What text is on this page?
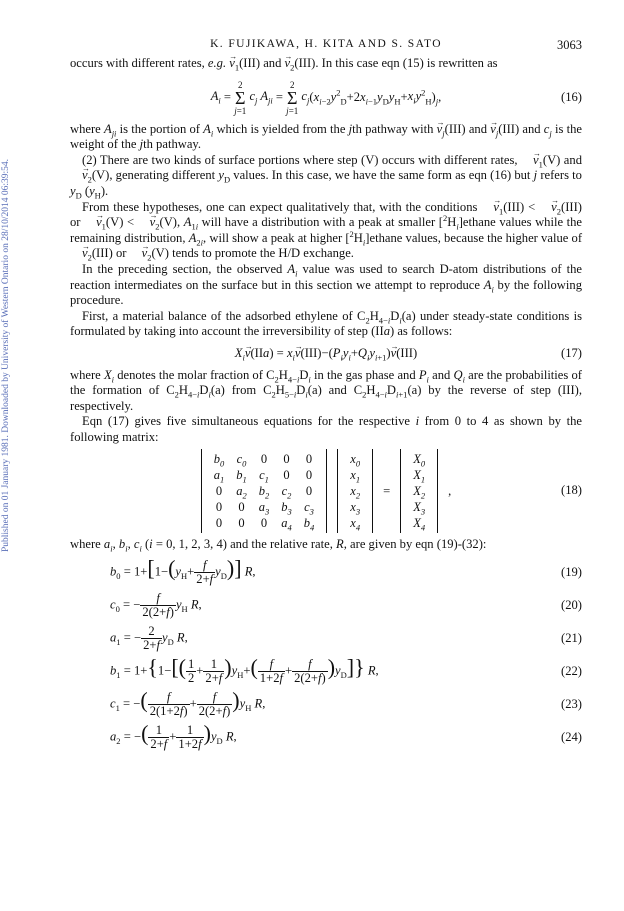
Published on 01 January 1981. Downloaded by University of Western Ontario on 28/10/2014 06:39:54.
K. FUJIKAWA, H. KITA AND S. SATO	3063

occurs with different rates, e.g. → $v_1(III)$ and → $v_2(III)$. In this case eqn (15) is rewritten as

$A_i = 2$
Σ
j=1 $c_j$ $A_{ji} = 2$
Σ
j=1 $c_j(x_{i-2}y^2_D+2x_{i-1}y_Dy_H+x_iy^2_H)_j$,	(16)

where $A_{ji}$ is the portion of $A_i$ which is yielded from the jth pathway with → $v_j(III)$ and → $v_j(III)$ and $c_j$ is the weight of the jth pathway.

(2) There are two kinds of surface portions where step (V) occurs with different rates, → $v_1(V)$ and → $v_2(V)$, generating different $y_D$ values. In this case, we have the same form as eqn (16) but j refers to $y_D$ $(y_H)$.

From these hypotheses, one can expect qualitatively that, with the conditions → $v_1(III)$ < → $v_2(III)$ or → $v_1(V)$ < → $v_2(V)$, $A_{1i}$ will have a distribution with a peak at smaller $[^2H_i]ethane$ values while the remaining distribution, $A_{2i}$, will show a peak at higher $[^2H_i]ethane$ values, because the higher value of → $v_2(III)$ or → $v_2(V)$ tends to promote the H/D exchange.

In the preceding section, the observed $A_i$ value was used to search D-atom distributions of the reaction intermediates on the surface but in this section we attempt to reproduce $A_i$ by the following procedure.

First, a material balance of the adsorbed ethylene of $C_2H_{4-i}D_i(a)$ under steady-state conditions is formulated by taking into account the irreversibility of step (IIa) as follows:

$X_i\to v(IIa) = x_i\to v(III)-(P_iy_i+Q_iy_{i+1})\to v(III)$	(17)

where $X_i$ denotes the molar fraction of $C_2H_{4-i}D_i$ in the gas phase and $P_i$ and $Q_i$ are the probabilities of the formation of $C_2H_{4-i}D_i(a)$ from $C_2H_{5-i}D_i(a)$ and $C_2H_{4-i}D_{i+1}(a)$ by the reverse of step (III), respectively.

Eqn (17) gives five simultaneous equations for the respective i from 0 to 4 as shown by the following matrix:

$b_0$	$c_0$	0	0	0
$a_1$	$b_1$	$c_1$	0	0
0	$a_2$	$b_2$	$c_2$	0
0	0	$a_3$	$b_3$	$c_3$
0	0	0	$a_4$	$b_4$
$x_0$
$x_1$
$x_2$
$x_3$
$x_4$
=
$X_0$
$X_1$
$X_2$
$X_3$
$X_4$
,	(18)

where $a_i$, $b_i$, $c_i$ (i = 0, 1, 2, 3, 4) and the relative rate, R, are given by eqn (19)-(32):

$b_0 = 1+[1-(y_H+ \frac{f}{2+f} y_D)]$ R,	(19)
$c_0$ = − $\frac{f}{2(2+f)} y_H$ R,	(20)
$a_1$ = − $\frac{2}{2+f} y_D$ R,	(21)
$b_1 = 1+\{1-[( \frac{1}{2} + \frac{1}{2+f} )y_H+( \frac{f}{1+2f} + \frac{f}{2(2+f)} )y_D]\}$ R,	(22)
$c_1$ = −( $\frac{f}{2(1+2f)} + \frac{f}{2(2+f)} )y_H$ R,	(23)
$a_2$ = −( $\frac{1}{2+f} + \frac{1}{1+2f} )y_D$ R,	(24)
